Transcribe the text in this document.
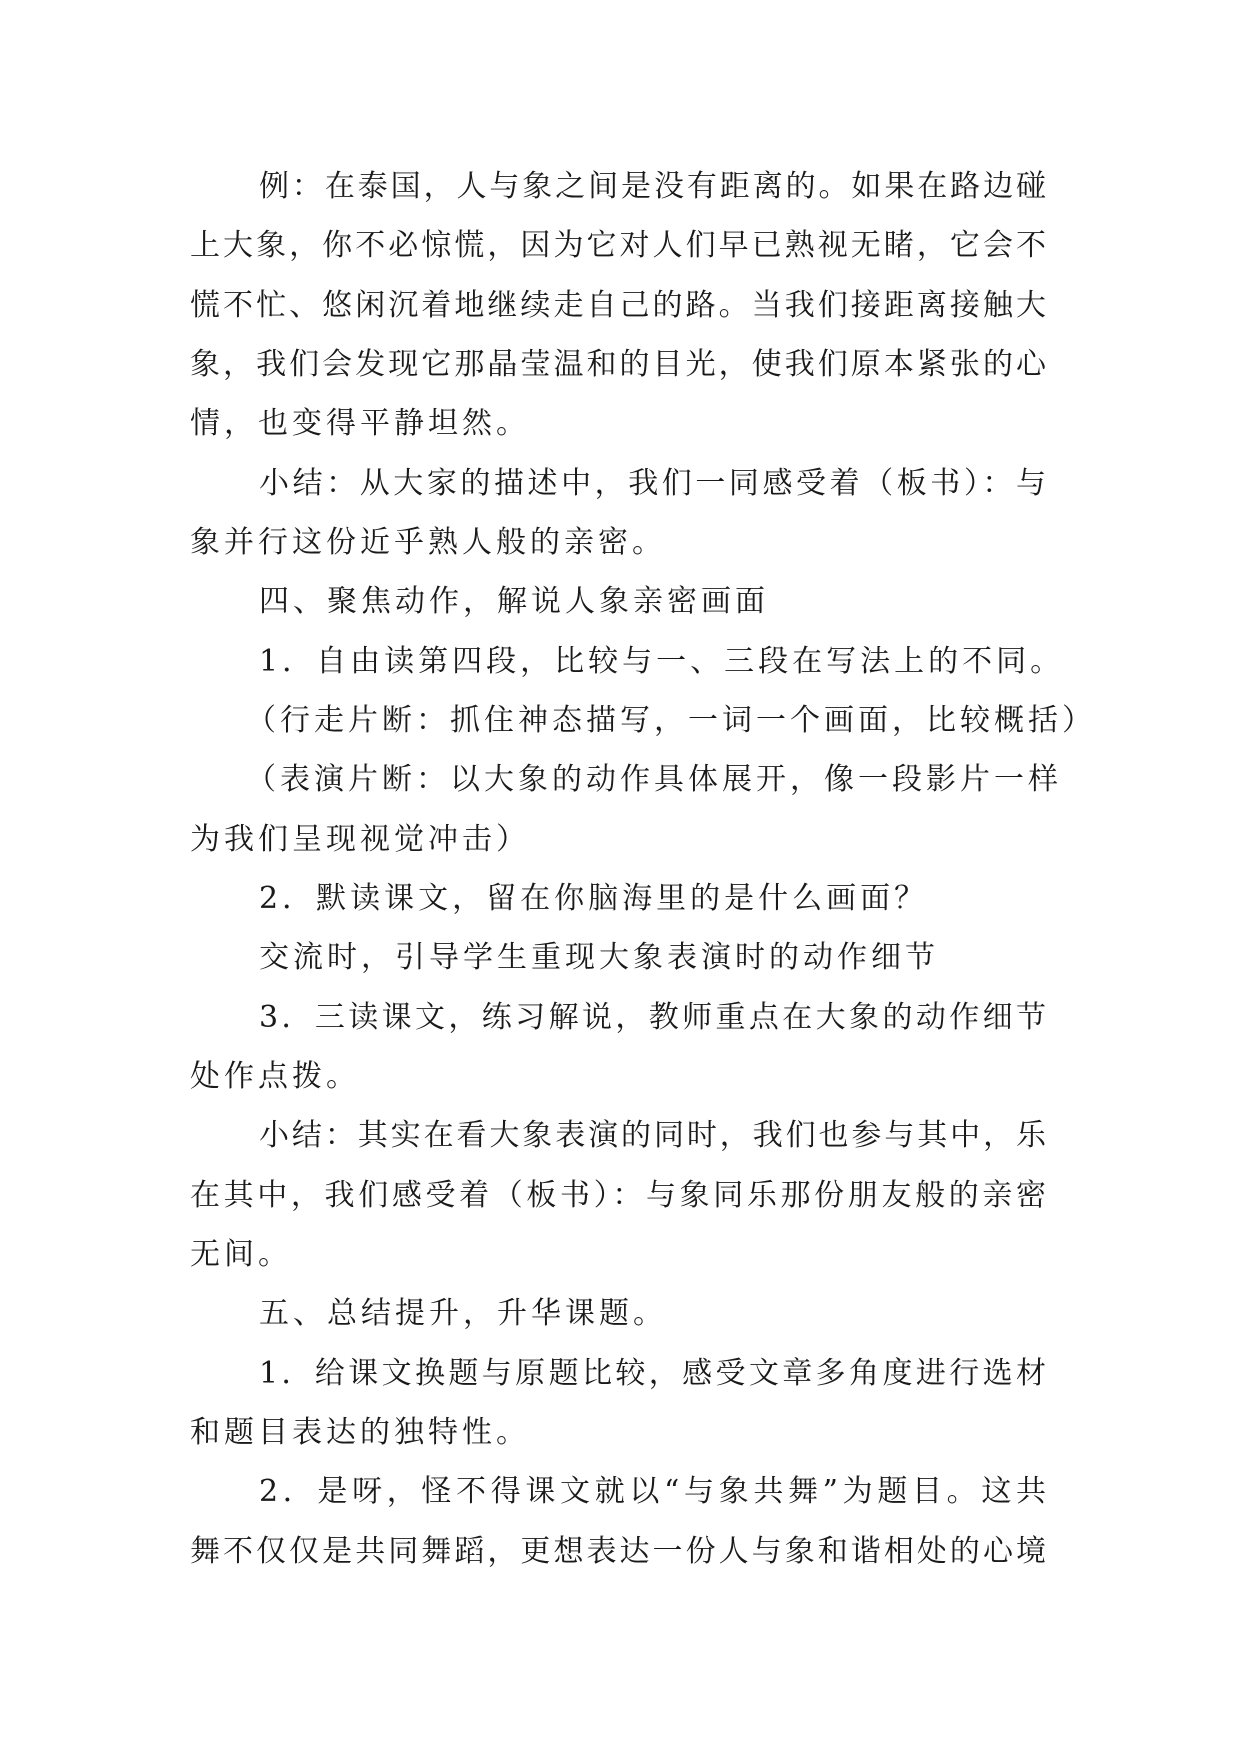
例：在泰国，人与象之间是没有距离的。如果在路边碰
上大象，你不必惊慌，因为它对人们早已熟视无睹，它会不
慌不忙、悠闲沉着地继续走自己的路。当我们接距离接触大
象，我们会发现它那晶莹温和的目光，使我们原本紧张的心
情，也变得平静坦然。
小结：从大家的描述中，我们一同感受着（板书）：与
象并行这份近乎熟人般的亲密。
四、聚焦动作，解说人象亲密画面
1．自由读第四段，比较与一、三段在写法上的不同。
（行走片断：抓住神态描写，一词一个画面，比较概括）
（表演片断：以大象的动作具体展开，像一段影片一样
为我们呈现视觉冲击）
2．默读课文，留在你脑海里的是什么画面？
交流时，引导学生重现大象表演时的动作细节
3．三读课文，练习解说，教师重点在大象的动作细节
处作点拨。
小结：其实在看大象表演的同时，我们也参与其中，乐
在其中，我们感受着（板书）：与象同乐那份朋友般的亲密
无间。
五、总结提升，升华课题。
1．给课文换题与原题比较，感受文章多角度进行选材
和题目表达的独特性。
2．是呀，怪不得课文就以“与象共舞”为题目。这共
舞不仅仅是共同舞蹈，更想表达一份人与象和谐相处的心境
